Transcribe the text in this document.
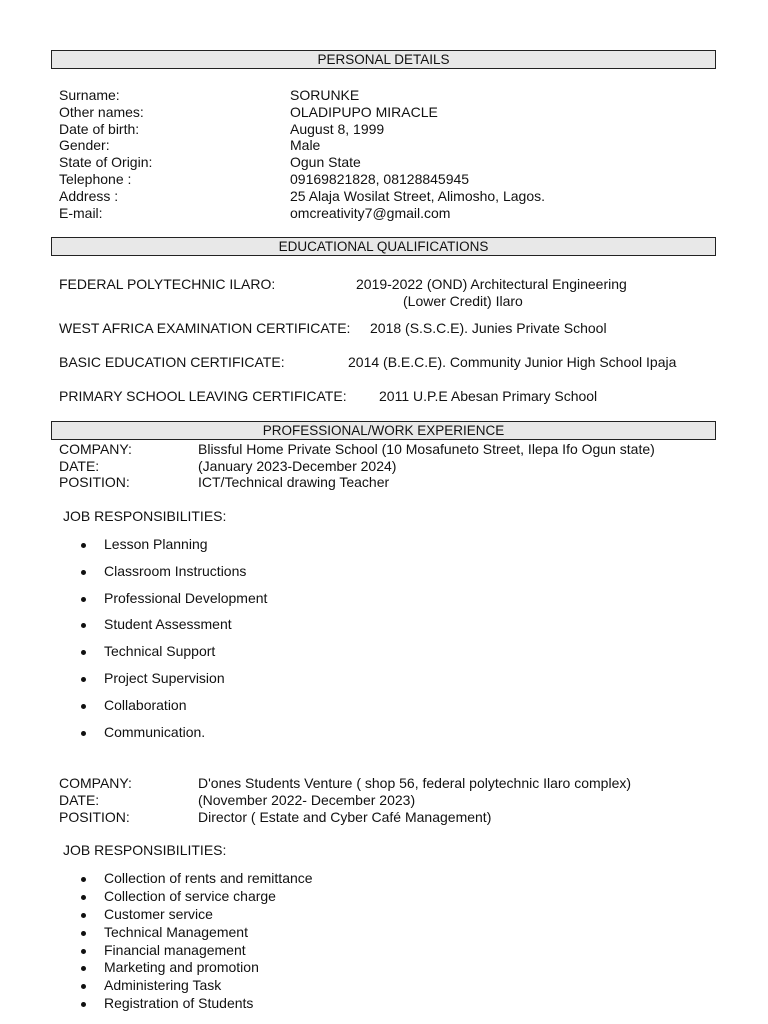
PERSONAL DETAILS
Surname:	SORUNKE
Other names:	OLADIPUPO MIRACLE
Date of birth:	August 8, 1999
Gender:	Male
State of Origin:	Ogun State
Telephone :	09169821828, 08128845945
Address :	25 Alaja Wosilat Street, Alimosho, Lagos.
E-mail:	omcreativity7@gmail.com
EDUCATIONAL QUALIFICATIONS
FEDERAL POLYTECHNIC ILARO:	2019-2022 (OND) Architectural Engineering
(Lower Credit) Ilaro
WEST AFRICA EXAMINATION CERTIFICATE: 2018 (S.S.C.E). Junies Private School
BASIC EDUCATION CERTIFICATE:	2014 (B.E.C.E). Community Junior High School Ipaja
PRIMARY SCHOOL LEAVING CERTIFICATE: 2011 U.P.E Abesan Primary School
PROFESSIONAL/WORK EXPERIENCE
COMPANY:	Blissful Home Private School (10 Mosafuneto Street, Ilepa Ifo Ogun state)
DATE:	(January 2023-December 2024)
POSITION:	ICT/Technical drawing Teacher
JOB RESPONSIBILITIES:
Lesson Planning
Classroom Instructions
Professional Development
Student Assessment
Technical Support
Project Supervision
Collaboration
Communication.
COMPANY:	D'ones Students Venture ( shop 56, federal polytechnic Ilaro complex)
DATE:	(November 2022- December 2023)
POSITION:	Director ( Estate and Cyber Café Management)
JOB RESPONSIBILITIES:
Collection of rents and remittance
Collection of service charge
Customer service
Technical Management
Financial management
Marketing and promotion
Administering Task
Registration of Students
